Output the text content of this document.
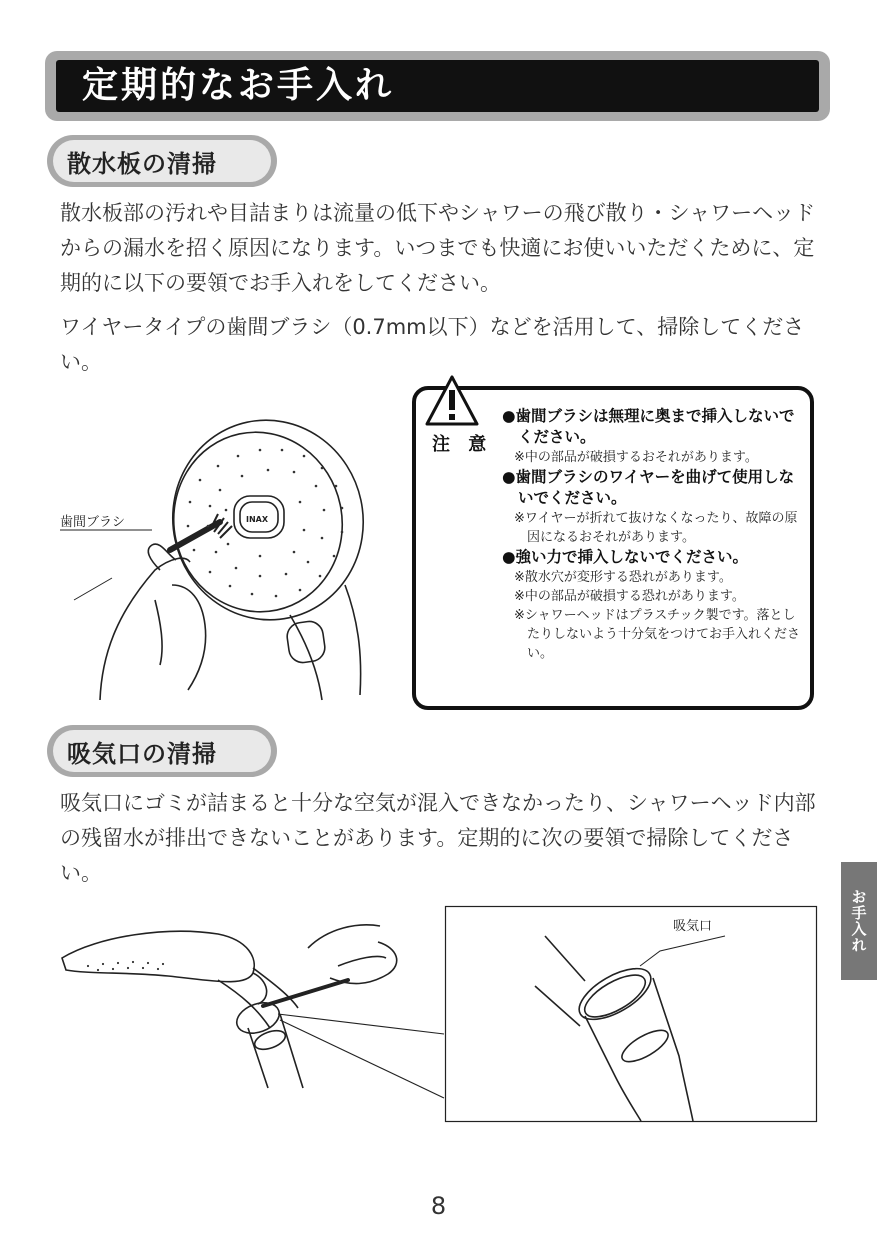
定期的なお手入れ
散水板の清掃

散水板部の汚れや目詰まりは流量の低下やシャワーの飛び散り・シャワーヘッドからの漏水を招く原因になります。いつまでも快適にお使いいただくために、定期的に以下の要領でお手入れをしてください。

ワイヤータイプの歯間ブラシ（0.7mm以下）などを活用して、掃除してください。

歯間ブラシ	INAX
注 意
● 歯間ブラシは無理に奥まで挿入しないでください。
※中の部品が破損するおそれがあります。
● 歯間ブラシのワイヤーを曲げて使用しないでください。
※ワイヤーが折れて抜けなくなったり、故障の原因になるおそれがあります。
● 強い力で挿入しないでください。
※散水穴が変形する恐れがあります。
※中の部品が破損する恐れがあります。
※シャワーヘッドはプラスチック製です。落としたりしないよう十分気をつけてお手入れください。
吸気口の清掃

吸気口にゴミが詰まると十分な空気が混入できなかったり、シャワーヘッド内部の残留水が排出できないことがあります。定期的に次の要領で掃除してください。

吸気口	お手入れ
8
